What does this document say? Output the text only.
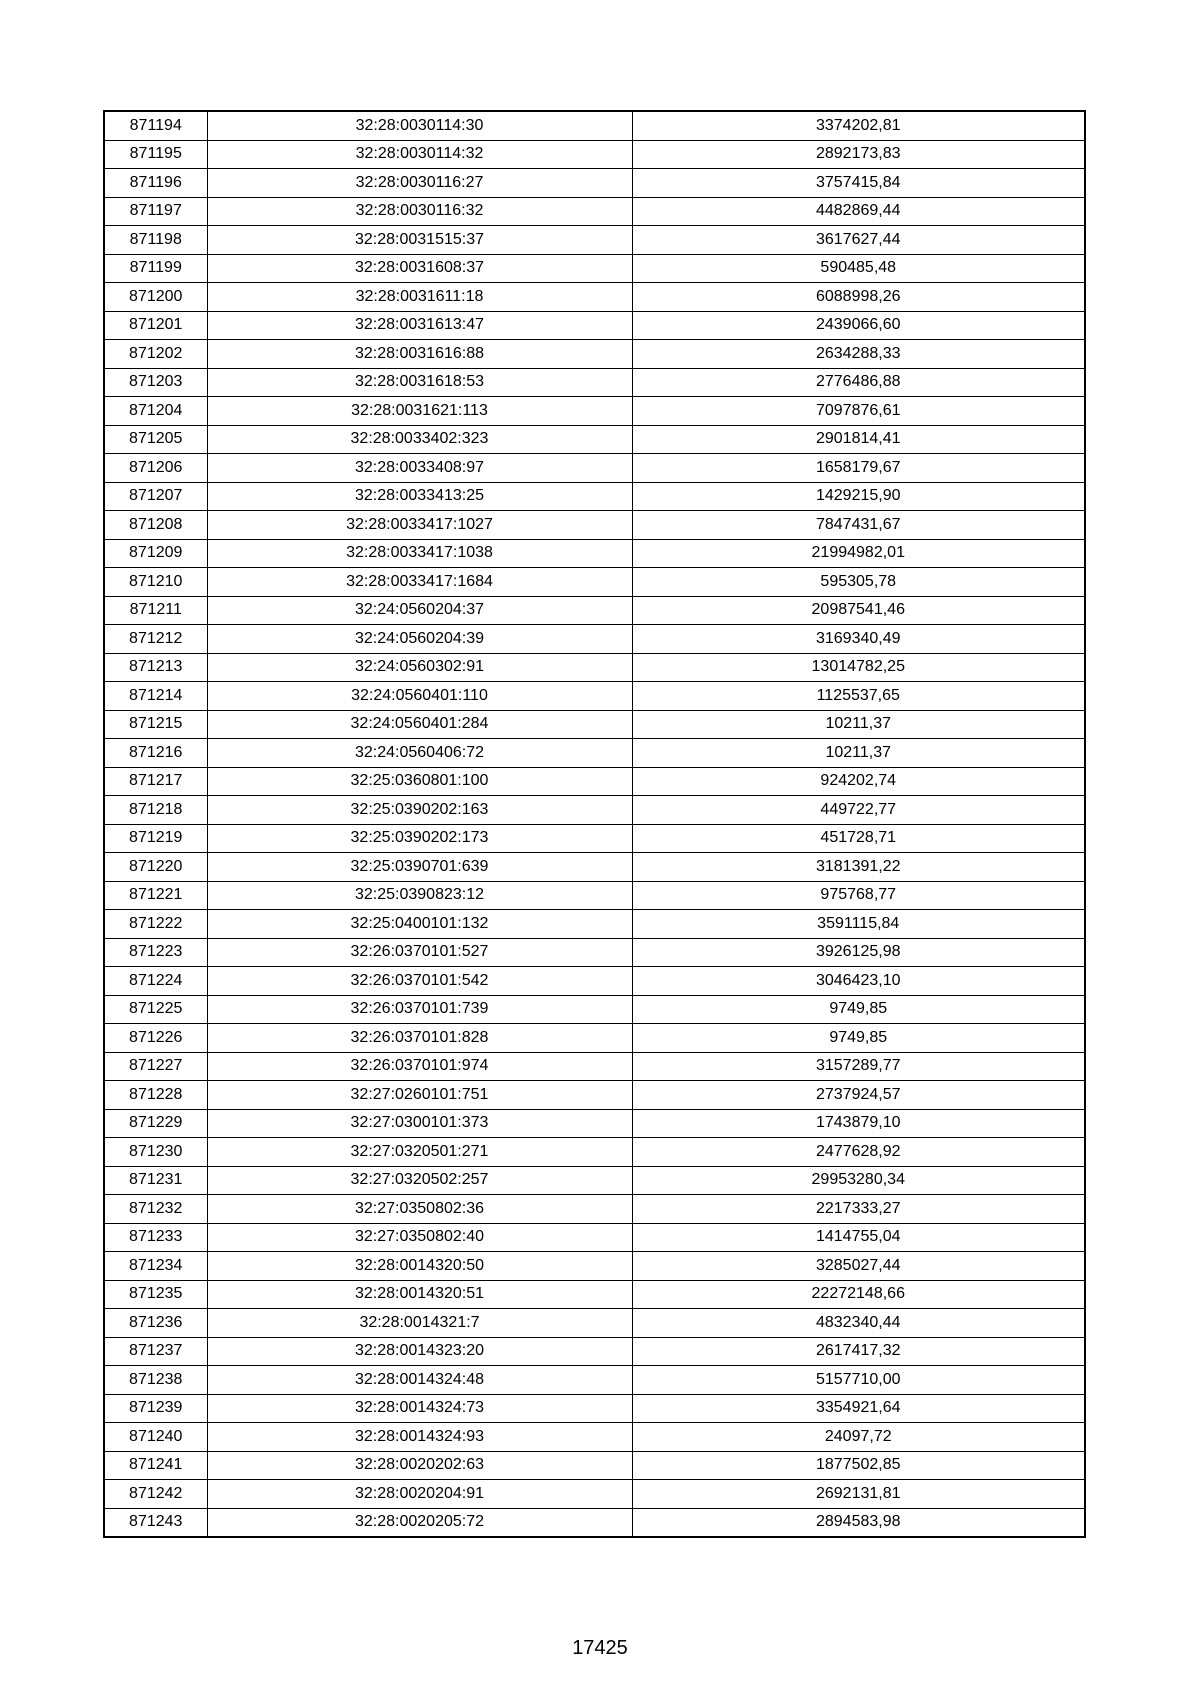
871194	32:28:0030114:30	3374202,81
871195	32:28:0030114:32	2892173,83
871196	32:28:0030116:27	3757415,84
871197	32:28:0030116:32	4482869,44
871198	32:28:0031515:37	3617627,44
871199	32:28:0031608:37	590485,48
871200	32:28:0031611:18	6088998,26
871201	32:28:0031613:47	2439066,60
871202	32:28:0031616:88	2634288,33
871203	32:28:0031618:53	2776486,88
871204	32:28:0031621:113	7097876,61
871205	32:28:0033402:323	2901814,41
871206	32:28:0033408:97	1658179,67
871207	32:28:0033413:25	1429215,90
871208	32:28:0033417:1027	7847431,67
871209	32:28:0033417:1038	21994982,01
871210	32:28:0033417:1684	595305,78
871211	32:24:0560204:37	20987541,46
871212	32:24:0560204:39	3169340,49
871213	32:24:0560302:91	13014782,25
871214	32:24:0560401:110	1125537,65
871215	32:24:0560401:284	10211,37
871216	32:24:0560406:72	10211,37
871217	32:25:0360801:100	924202,74
871218	32:25:0390202:163	449722,77
871219	32:25:0390202:173	451728,71
871220	32:25:0390701:639	3181391,22
871221	32:25:0390823:12	975768,77
871222	32:25:0400101:132	3591115,84
871223	32:26:0370101:527	3926125,98
871224	32:26:0370101:542	3046423,10
871225	32:26:0370101:739	9749,85
871226	32:26:0370101:828	9749,85
871227	32:26:0370101:974	3157289,77
871228	32:27:0260101:751	2737924,57
871229	32:27:0300101:373	1743879,10
871230	32:27:0320501:271	2477628,92
871231	32:27:0320502:257	29953280,34
871232	32:27:0350802:36	2217333,27
871233	32:27:0350802:40	1414755,04
871234	32:28:0014320:50	3285027,44
871235	32:28:0014320:51	22272148,66
871236	32:28:0014321:7	4832340,44
871237	32:28:0014323:20	2617417,32
871238	32:28:0014324:48	5157710,00
871239	32:28:0014324:73	3354921,64
871240	32:28:0014324:93	24097,72
871241	32:28:0020202:63	1877502,85
871242	32:28:0020204:91	2692131,81
871243	32:28:0020205:72	2894583,98
17425
